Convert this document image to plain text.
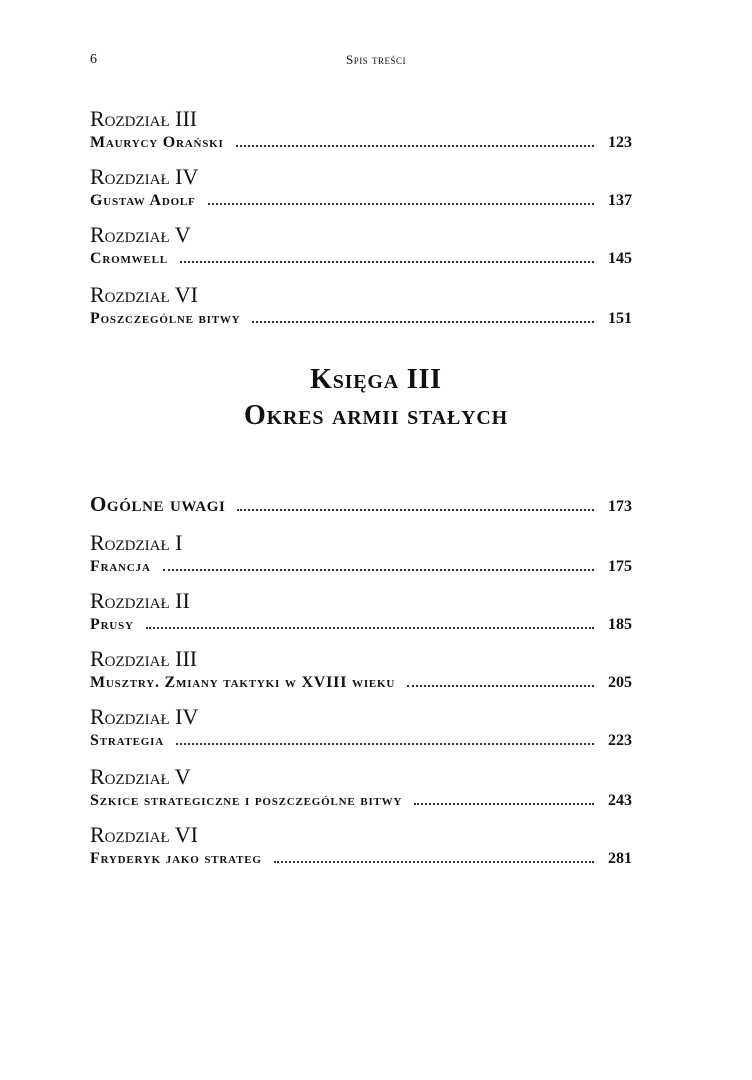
6	Spis treści
Rozdział III
Maurycy Orański	123
Rozdział IV
Gustaw Adolf	137
Rozdział V
Cromwell	145
Rozdział VI
Poszczególne bitwy	151
Księga III
Okres armii stałych
Ogólne uwagi	173
Rozdział I
Francja	175
Rozdział II
Prusy	185
Rozdział III
Musztry. Zmiany taktyki w XVIII wieku	205
Rozdział IV
Strategia	223
Rozdział V
Szkice strategiczne i poszczególne bitwy	243
Rozdział VI
Fryderyk jako strateg	281
